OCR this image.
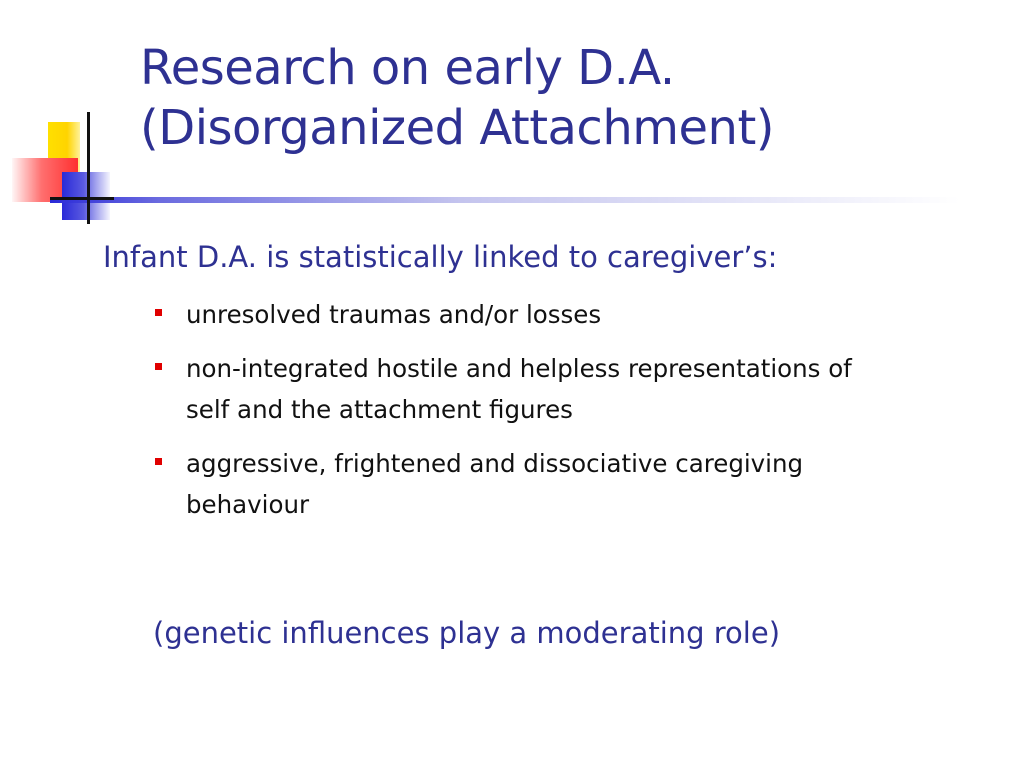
Research on early D.A.
(Disorganized Attachment)

Infant D.A. is statistically linked to caregiver’s:

unresolved traumas and/or losses
non-integrated hostile and helpless representations of self and the attachment figures
aggressive, frightened and dissociative caregiving behaviour

(genetic influences play a moderating role)
